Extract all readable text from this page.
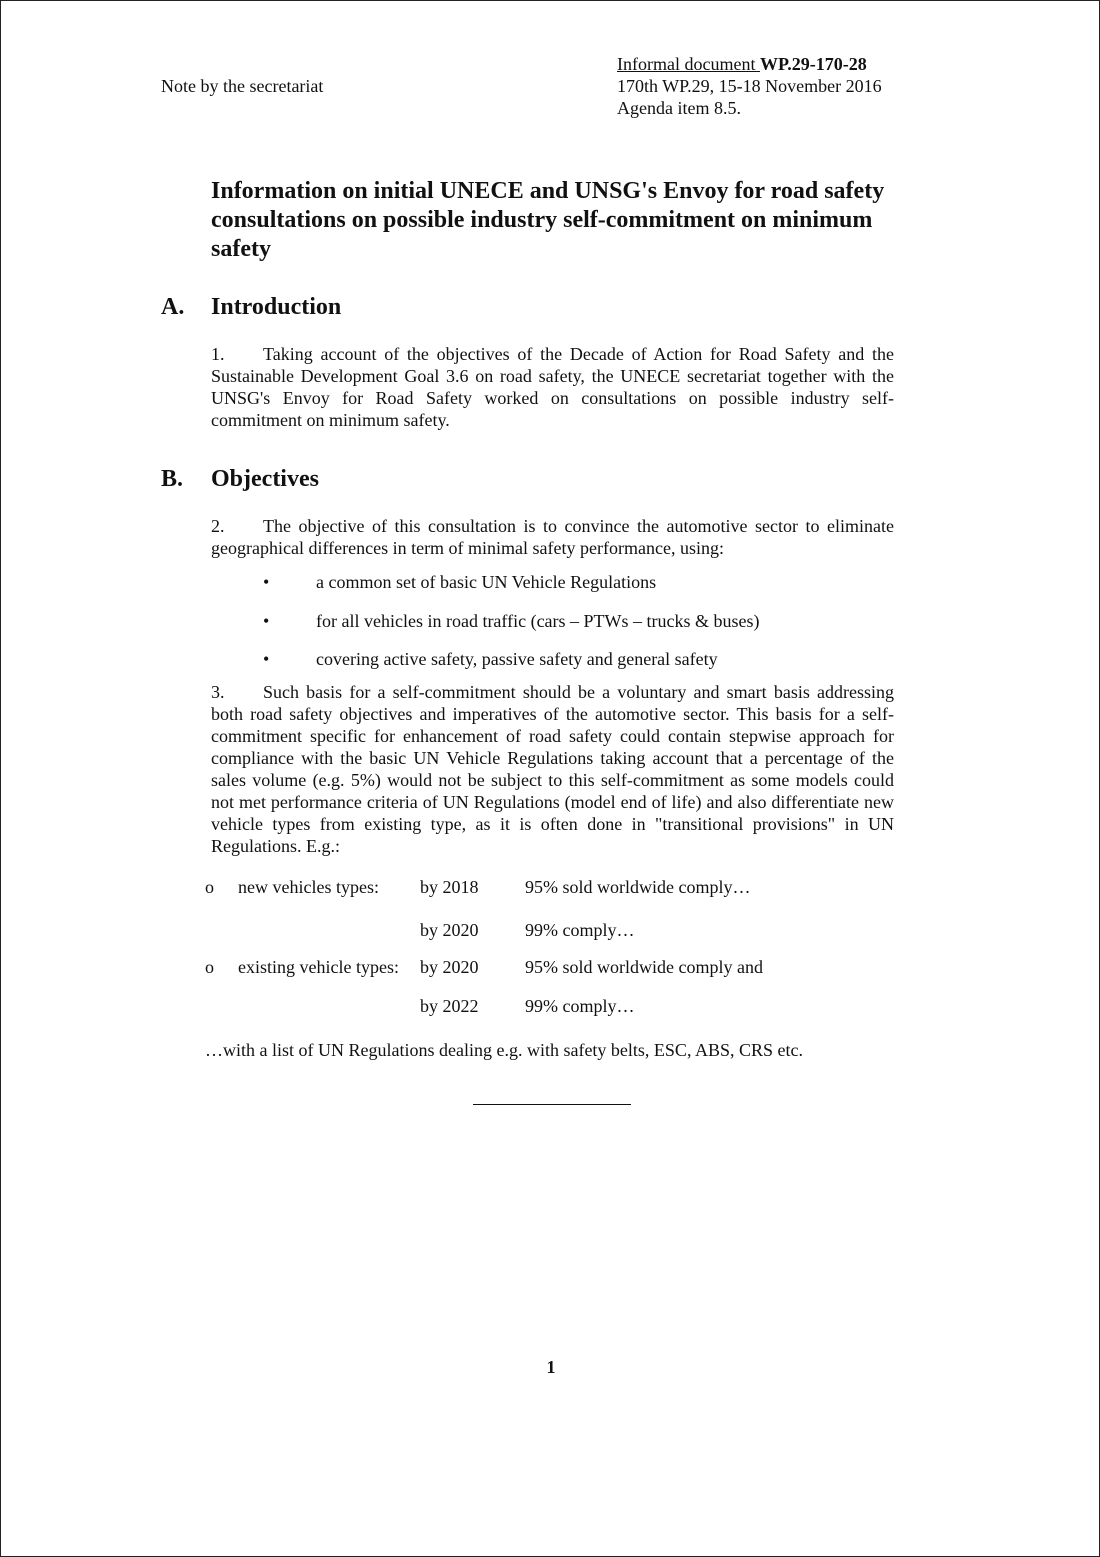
Note by the secretariat
Informal document WP.29-170-28
170th WP.29, 15-18 November 2016
Agenda item 8.5.
Information on initial UNECE and UNSG's Envoy for road safety consultations on possible industry self-commitment on minimum safety
A. Introduction
1. Taking account of the objectives of the Decade of Action for Road Safety and the Sustainable Development Goal 3.6 on road safety, the UNECE secretariat together with the UNSG's Envoy for Road Safety worked on consultations on possible industry self-commitment on minimum safety.
B. Objectives
2. The objective of this consultation is to convince the automotive sector to eliminate geographical differences in term of minimal safety performance, using:
•	a common set of basic UN Vehicle Regulations
•	for all vehicles in road traffic (cars – PTWs – trucks & buses)
•	covering active safety, passive safety and general safety
3. Such basis for a self-commitment should be a voluntary and smart basis addressing both road safety objectives and imperatives of the automotive sector. This basis for a self-commitment specific for enhancement of road safety could contain stepwise approach for compliance with the basic UN Vehicle Regulations taking account that a percentage of the sales volume (e.g. 5%) would not be subject to this self-commitment as some models could not met performance criteria of UN Regulations (model end of life) and also differentiate new vehicle types from existing type, as it is often done in "transitional provisions" in UN Regulations. E.g.:
o new vehicles types: by 2018	95% sold worldwide comply…
by 2020	99% comply…
o existing vehicle types: by 2020	95% sold worldwide comply and
by 2022	99% comply…
…with a list of UN Regulations dealing e.g. with safety belts, ESC, ABS, CRS etc.
1
